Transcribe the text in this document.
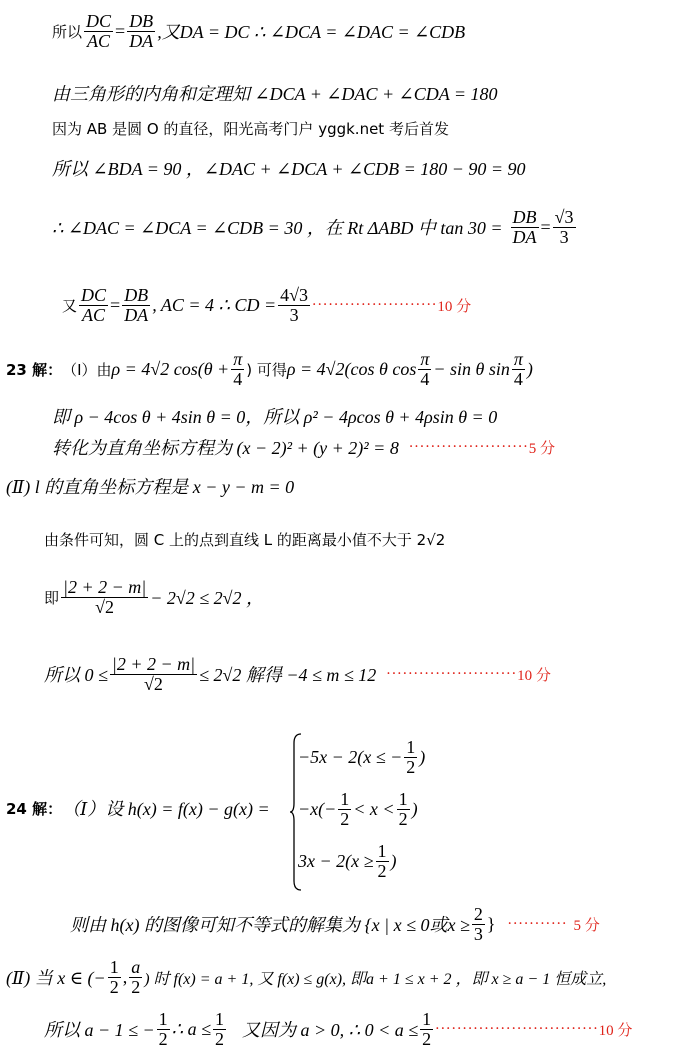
所以 $\frac{DC}{AC} = \frac{DB}{DA}$ ,又DA = DC ∴ ∠DCA = ∠DAC = ∠CDB
由三角形的内角和定理知 ∠DCA + ∠DAC + ∠CDA = 180
因为 AB 是圆 O 的直径，阳光高考门户 yggk.net 考后首发
所以 ∠BDA = 90 ，∠DAC + ∠DCA + ∠CDB = 180 − 90 = 90
∴ ∠DAC = ∠DCA = ∠CDB = 30 ，在 Rt ΔABD 中 $\tan 30 = \frac{DB}{DA} = \frac{√3}{3}$
又 $\frac{DC}{AC} = \frac{DB}{DA}$ , AC = 4 ∴ CD = $\frac{4√3}{3}$ ······················· 10 分
23 解： （Ⅰ）由 ρ = 4√2 $\cos(\theta + \frac{\pi}{4}$ ) 可得 ρ = 4√2(cos θ $\cos \frac{\pi}{4} - \sin \theta$ $\sin \frac{\pi}{4}$ )
即 ρ − 4cos θ + 4sin θ = 0，所以 ρ² − 4ρcos θ + 4ρsin θ = 0
转化为直角坐标方程为 (x − 2)² + (y + 2)² = 8 ······················ 5 分
(Ⅱ) l 的直角坐标方程是 x − y − m = 0
由条件可知，圆 C 上的点到直线 L 的距离最小值不大于 2√2
即 $\frac{|2 + 2 - m|}{√2} - 2√2 \le 2√2$ ，
所以 $0 \le \frac{|2 + 2 - m|}{√2} \le 2√2$ 解得 −4 ≤ m ≤ 12 ························ 10 分
24 解： （Ⅰ）设 h(x) = f(x) − g(x) =
−5x − 2(x ≤ − $\frac{1}{2}$ )
$-x(- \frac{1}{2} < x < \frac{1}{2}$ )
$3x - 2(x \ge \frac{1}{2}$ )
则由 h(x) 的图像可知不等式的解集为 {x | x ≤ 0或$x \ge \frac{2}{3}$ } ··········· 5 分
(Ⅱ) 当 x ∈ (− $\frac{1}{2}$ , $\frac{a}{2}$ ) 时 f(x) = a + 1, 又 f(x) ≤ g(x), 即a + 1 ≤ x + 2 ，即 x ≥ a − 1 恒成立,
所以 a − 1 ≤ − $\frac{1}{2}$ ∴ $a \le \frac{1}{2}$ 又因为 a > 0, ∴ $0 < a \le \frac{1}{2}$ ······························ 10 分
